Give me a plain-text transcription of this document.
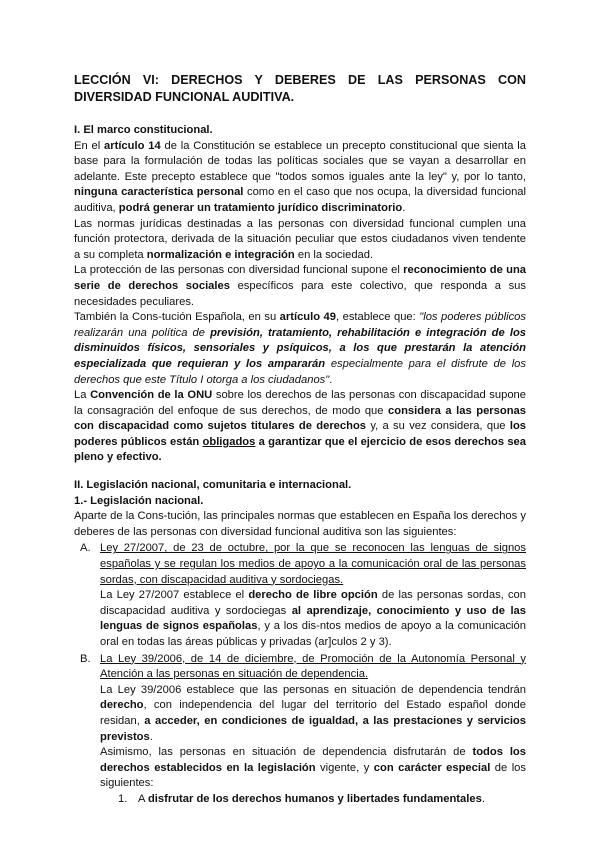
LECCIÓN VI: DERECHOS Y DEBERES DE LAS PERSONAS CON DIVERSIDAD FUNCIONAL AUDITIVA.
I. El marco constitucional.

En el artículo 14 de la Constitución se establece un precepto constitucional que sienta la base para la formulación de todas las políticas sociales que se vayan a desarrollar en adelante. Este precepto establece que "todos somos iguales ante la ley" y, por lo tanto, ninguna característica personal como en el caso que nos ocupa, la diversidad funcional auditiva, podrá generar un tratamiento jurídico discriminatorio.

Las normas jurídicas destinadas a las personas con diversidad funcional cumplen una función protectora, derivada de la situación peculiar que estos ciudadanos viven tendente a su completa normalización e integración en la sociedad.

La protección de las personas con diversidad funcional supone el reconocimiento de una serie de derechos sociales específicos para este colectivo, que responda a sus necesidades peculiares.

También la Cons-tución Española, en su artículo 49, establece que: "los poderes públicos realizarán una política de previsión, tratamiento, rehabilitación e integración de los disminuidos físicos, sensoriales y psíquicos, a los que prestarán la atención especializada que requieran y los ampararán especialmente para el disfrute de los derechos que este Título I otorga a los ciudadanos".

La Convención de la ONU sobre los derechos de las personas con discapacidad supone la consagración del enfoque de sus derechos, de modo que considera a las personas con discapacidad como sujetos titulares de derechos y, a su vez considera, que los poderes públicos están obligados a garantizar que el ejercicio de esos derechos sea pleno y efectivo.

II. Legislación nacional, comunitaria e internacional.
1.- Legislación nacional.

Aparte de la Cons-tución, las principales normas que establecen en España los derechos y deberes de las personas con diversidad funcional auditiva son las siguientes:

A. Ley 27/2007, de 23 de octubre, por la que se reconocen las lenguas de signos españolas y se regulan los medios de apoyo a la comunicación oral de las personas sordas, con discapacidad auditiva y sordociegas.

La Ley 27/2007 establece el derecho de libre opción de las personas sordas, con discapacidad auditiva y sordociegas al aprendizaje, conocimiento y uso de las lenguas de signos españolas, y a los dis-ntos medios de apoyo a la comunicación oral en todas las áreas públicas y privadas (ar]culos 2 y 3).

B. La Ley 39/2006, de 14 de diciembre, de Promoción de la Autonomía Personal y Atención a las personas en situación de dependencia.

La Ley 39/2006 establece que las personas en situación de dependencia tendrán derecho, con independencia del lugar del territorio del Estado español donde residan, a acceder, en condiciones de igualdad, a las prestaciones y servicios previstos.

Asimismo, las personas en situación de dependencia disfrutarán de todos los derechos establecidos en la legislación vigente, y con carácter especial de los siguientes:

1. A disfrutar de los derechos humanos y libertades fundamentales.
